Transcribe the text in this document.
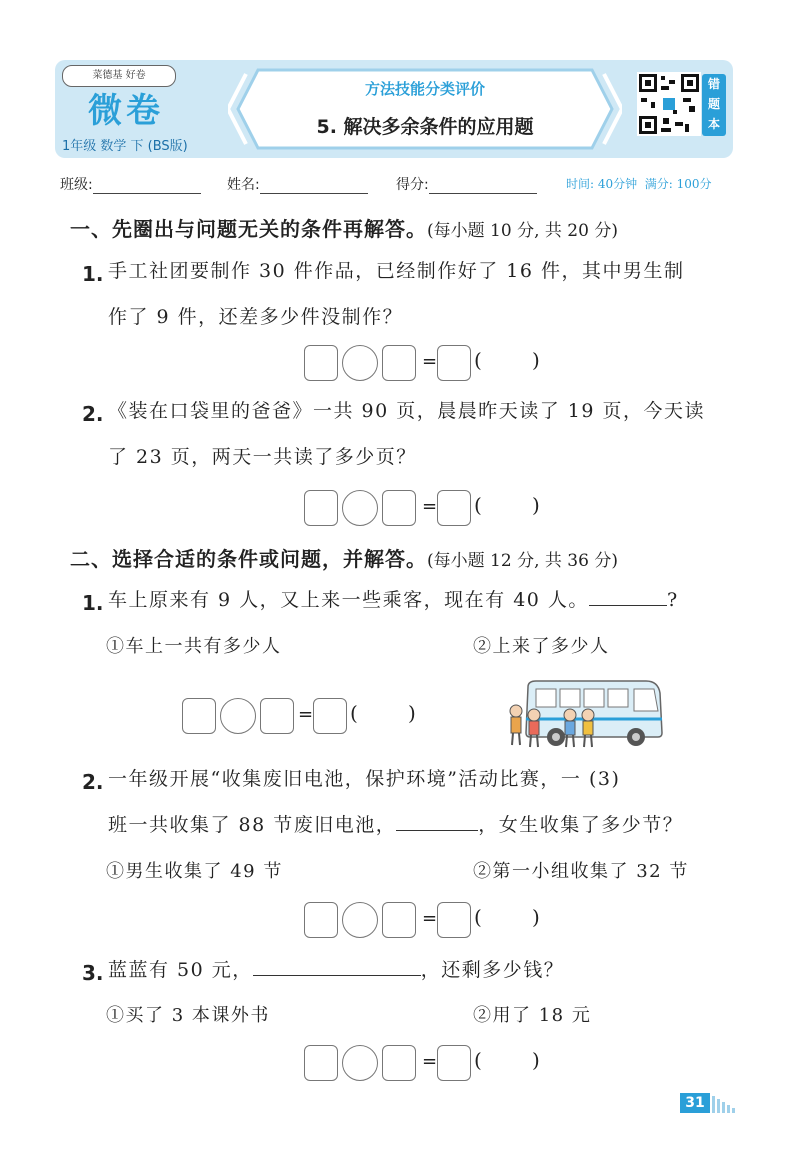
菜德基 好卷
微卷
1年级 数学 下 (BS版)
方法技能分类评价
5. 解决多余条件的应用题
错
题
本
班级:	姓名:	得分:	时间: 40分钟 满分: 100分
一、先圈出与问题无关的条件再解答。(每小题 10 分, 共 20 分)
1. 手工社团要制作 30 件作品，已经制作好了 16 件，其中男生制
作了 9 件，还差多少件没制作？
= (	)
2. 《装在口袋里的爸爸》一共 90 页，晨晨昨天读了 19 页，今天读
了 23 页，两天一共读了多少页？
= (	)
二、选择合适的条件或问题，并解答。(每小题 12 分, 共 36 分)
1. 车上原来有 9 人，又上来一些乘客，现在有 40 人。	?
①车上一共有多少人	②上来了多少人
= (	)
2. 一年级开展“收集废旧电池，保护环境”活动比赛，一 (3)
班一共收集了 88 节废旧电池，	，女生收集了多少节？
①男生收集了 49 节	②第一小组收集了 32 节
= (	)
3. 蓝蓝有 50 元，	，还剩多少钱？
①买了 3 本课外书	②用了 18 元
= (	)
31
